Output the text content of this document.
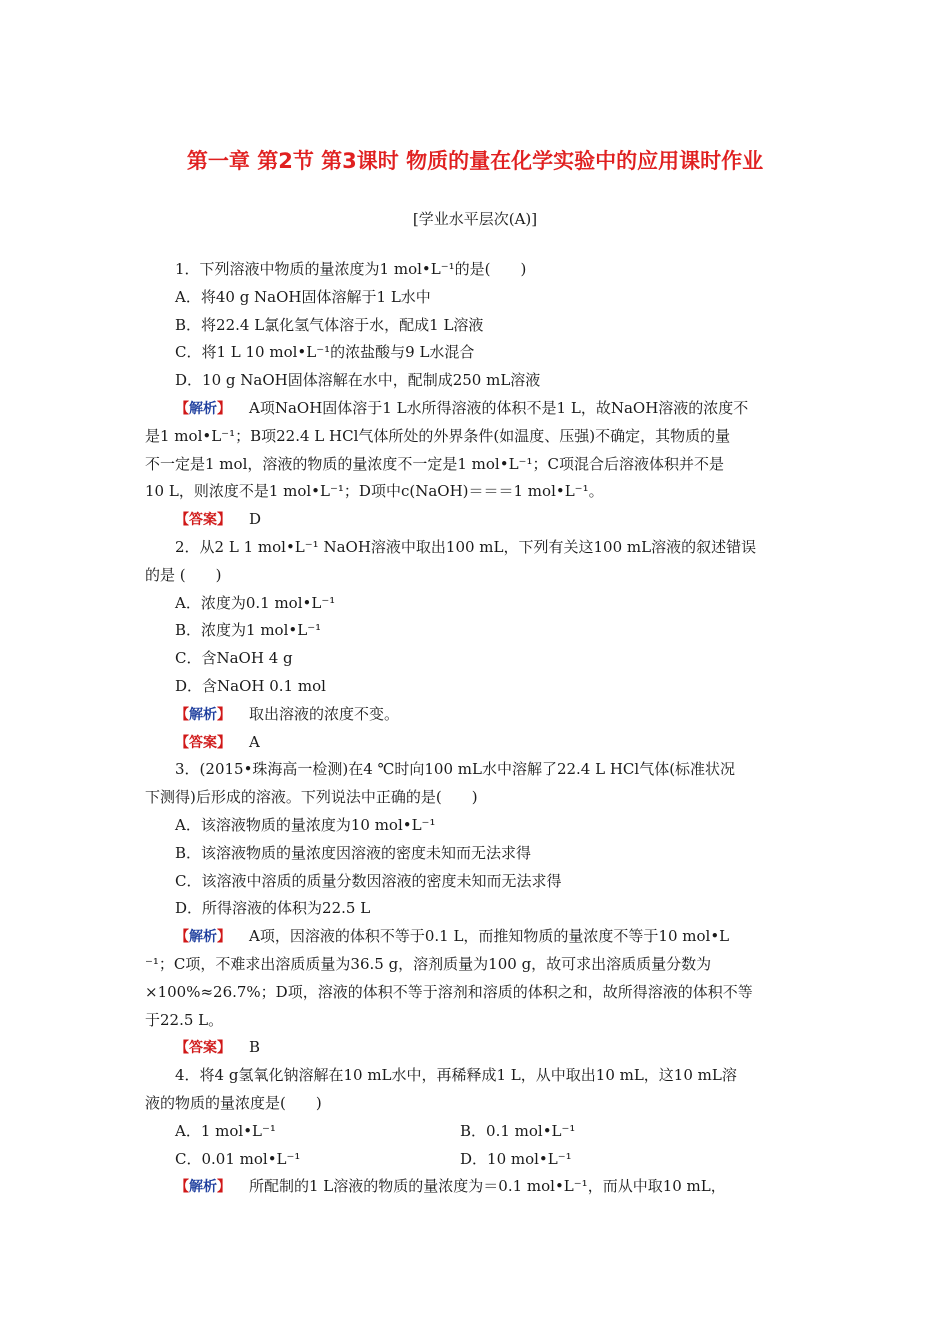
第一章 第2节 第3课时 物质的量在化学实验中的应用课时作业
[学业水平层次(A)]
1．下列溶液中物质的量浓度为1 mol•L⁻¹的是(　　)
A．将40 g NaOH固体溶解于1 L水中
B．将22.4 L氯化氢气体溶于水，配成1 L溶液
C．将1 L 10 mol•L⁻¹的浓盐酸与9 L水混合
D．10 g NaOH固体溶解在水中，配制成250 mL溶液
【解析】 A项NaOH固体溶于1 L水所得溶液的体积不是1 L，故NaOH溶液的浓度不
是1 mol•L⁻¹；B项22.4 L HCl气体所处的外界条件(如温度、压强)不确定，其物质的量
不一定是1 mol，溶液的物质的量浓度不一定是1 mol•L⁻¹；C项混合后溶液体积并不是
10 L，则浓度不是1 mol•L⁻¹；D项中c(NaOH)＝＝＝1 mol•L⁻¹。
【答案】 D
2．从2 L 1 mol•L⁻¹ NaOH溶液中取出100 mL，下列有关这100 mL溶液的叙述错误
的是 (　　)
A．浓度为0.1 mol•L⁻¹
B．浓度为1 mol•L⁻¹
C．含NaOH 4 g
D．含NaOH 0.1 mol
【解析】 取出溶液的浓度不变。
【答案】 A
3．(2015•珠海高一检测)在4 ℃时向100 mL水中溶解了22.4 L HCl气体(标准状况
下测得)后形成的溶液。下列说法中正确的是(　　)
A．该溶液物质的量浓度为10 mol•L⁻¹
B．该溶液物质的量浓度因溶液的密度未知而无法求得
C．该溶液中溶质的质量分数因溶液的密度未知而无法求得
D．所得溶液的体积为22.5 L
【解析】 A项，因溶液的体积不等于0.1 L，而推知物质的量浓度不等于10 mol•L
⁻¹；C项，不难求出溶质质量为36.5 g，溶剂质量为100 g，故可求出溶质质量分数为
×100%≈26.7%；D项，溶液的体积不等于溶剂和溶质的体积之和，故所得溶液的体积不等
于22.5 L。
【答案】 B
4．将4 g氢氧化钠溶解在10 mL水中，再稀释成1 L，从中取出10 mL，这10 mL溶
液的物质的量浓度是(　　)
A．1 mol•L⁻¹	B．0.1 mol•L⁻¹
C．0.01 mol•L⁻¹	D．10 mol•L⁻¹
【解析】 所配制的1 L溶液的物质的量浓度为＝0.1 mol•L⁻¹，而从中取10 mL，
